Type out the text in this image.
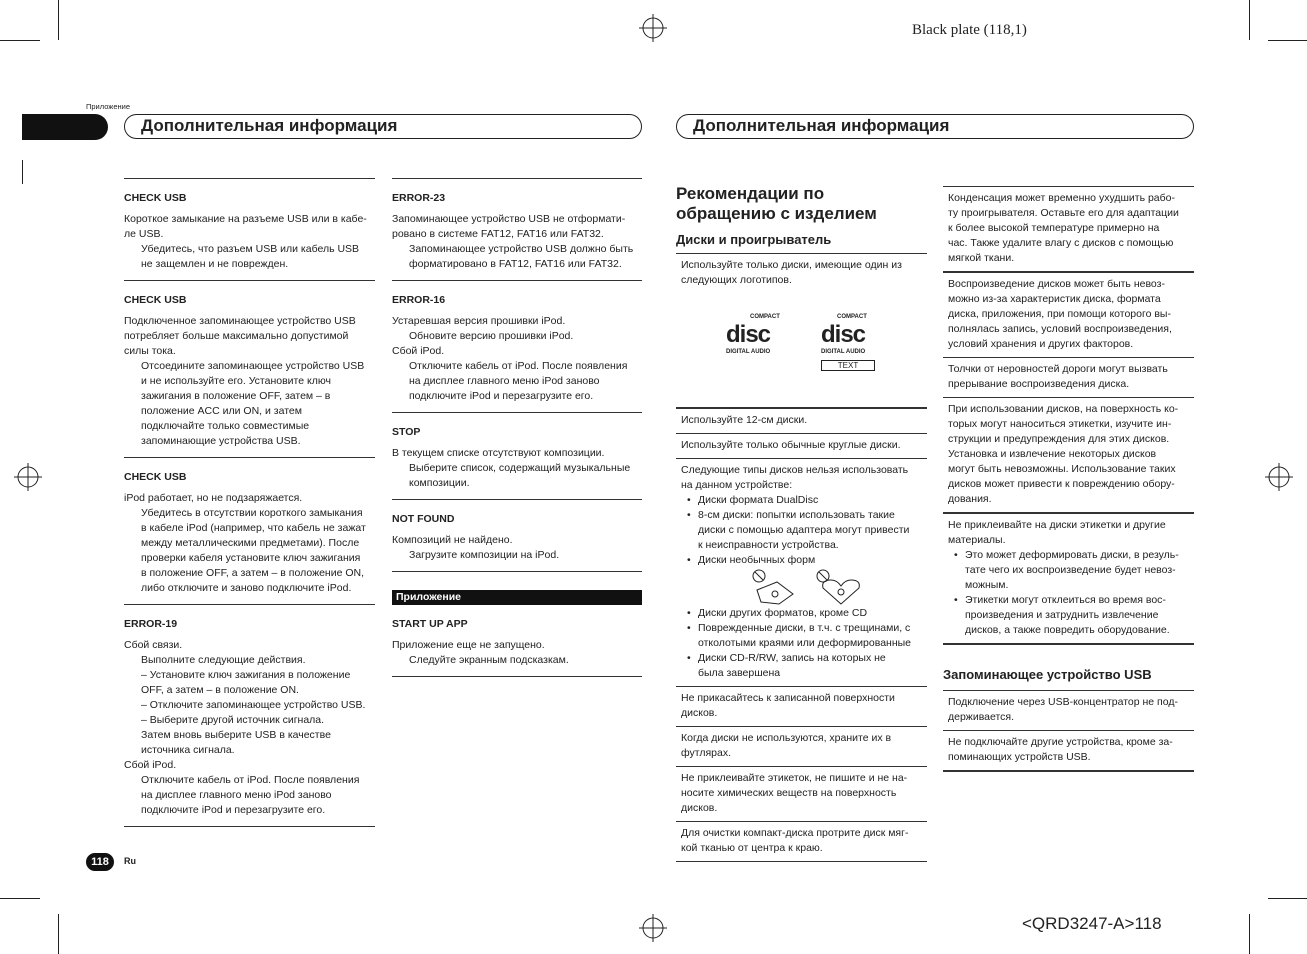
Black plate (118,1)
Приложение
Дополнительная информация	Дополнительная информация
CHECK USB
Короткое замыкание на разъеме USB или в кабе-
ле USB.
Убедитесь, что разъем USB или кабель USB
не защемлен и не поврежден.
CHECK USB
Подключенное запоминающее устройство USB
потребляет больше максимально допустимой
силы тока.
Отсоедините запоминающее устройство USB
и не используйте его. Установите ключ
зажигания в положение OFF, затем – в
положение ACC или ON, и затем
подключайте только совместимые
запоминающие устройства USB.
CHECK USB
iPod работает, но не подзаряжается.
Убедитесь в отсутствии короткого замыкания
в кабеле iPod (например, что кабель не зажат
между металлическими предметами). После
проверки кабеля установите ключ зажигания
в положение OFF, а затем – в положение ON,
либо отключите и заново подключите iPod.
ERROR-19
Сбой связи.
Выполните следующие действия.
– Установите ключ зажигания в положение
OFF, а затем – в положение ON.
– Отключите запоминающее устройство USB.
– Выберите другой источник сигнала.
Затем вновь выберите USB в качестве
источника сигнала.
Сбой iPod.
Отключите кабель от iPod. После появления
на дисплее главного меню iPod заново
подключите iPod и перезагрузите его.
ERROR-23
Запоминающее устройство USB не отформати-
ровано в системе FAT12, FAT16 или FAT32.
Запоминающее устройство USB должно быть
форматировано в FAT12, FAT16 или FAT32.
ERROR-16
Устаревшая версия прошивки iPod.
Обновите версию прошивки iPod.
Сбой iPod.
Отключите кабель от iPod. После появления
на дисплее главного меню iPod заново
подключите iPod и перезагрузите его.
STOP
В текущем списке отсутствуют композиции.
Выберите список, содержащий музыкальные
композиции.
NOT FOUND
Композиций не найдено.
Загрузите композиции на iPod.
Приложение
START UP APP
Приложение еще не запущено.
Следуйте экранным подсказкам.
Рекомендации по
обращению с изделием
Диски и проигрыватель
Используйте только диски, имеющие один из
следующих логотипов.
COMPACT
disc
DIGITAL AUDIO
COMPACT
disc
DIGITAL AUDIO
TEXT
Используйте 12-см диски.
Используйте только обычные круглые диски.
Следующие типы дисков нельзя использовать
на данном устройстве:
• Диски формата DualDisc
• 8-см диски: попытки использовать такие
диски с помощью адаптера могут привести
к неисправности устройства.
• Диски необычных форм
• Диски других форматов, кроме CD
• Поврежденные диски, в т.ч. с трещинами, с
отколотыми краями или деформированные
• Диски CD-R/RW, запись на которых не
была завершена
Не прикасайтесь к записанной поверхности
дисков.
Когда диски не используются, храните их в
футлярах.
Не приклеивайте этикеток, не пишите и не на-
носите химических веществ на поверхность
дисков.
Для очистки компакт-диска протрите диск мяг-
кой тканью от центра к краю.
Конденсация может временно ухудшить рабо-
ту проигрывателя. Оставьте его для адаптации
к более высокой температуре примерно на
час. Также удалите влагу с дисков с помощью
мягкой ткани.
Воспроизведение дисков может быть невоз-
можно из-за характеристик диска, формата
диска, приложения, при помощи которого вы-
полнялась запись, условий воспроизведения,
условий хранения и других факторов.
Толчки от неровностей дороги могут вызвать
прерывание воспроизведения диска.
При использовании дисков, на поверхность ко-
торых могут наноситься этикетки, изучите ин-
струкции и предупреждения для этих дисков.
Установка и извлечение некоторых дисков
могут быть невозможны. Использование таких
дисков может привести к повреждению обору-
дования.
Не приклеивайте на диски этикетки и другие
материалы.
• Это может деформировать диски, в резуль-
тате чего их воспроизведение будет невоз-
можным.
• Этикетки могут отклеиться во время вос-
произведения и затруднить извлечение
дисков, а также повредить оборудование.
Запоминающее устройство USB
Подключение через USB-концентратор не под-
держивается.
Не подключайте другие устройства, кроме за-
поминающих устройств USB.
118	Ru
<QRD3247-A>118
